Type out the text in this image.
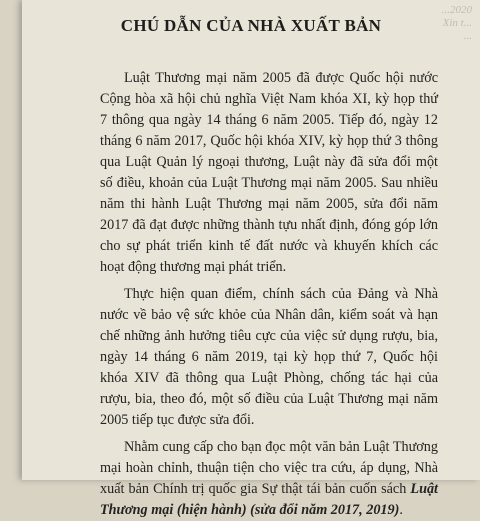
...2020
Xin t...
...
CHÚ DẪN CỦA NHÀ XUẤT BẢN

Luật Thương mại năm 2005 đã được Quốc hội nước Cộng hòa xã hội chủ nghĩa Việt Nam khóa XI, kỳ họp thứ 7 thông qua ngày 14 tháng 6 năm 2005. Tiếp đó, ngày 12 tháng 6 năm 2017, Quốc hội khóa XIV, kỳ họp thứ 3 thông qua Luật Quản lý ngoại thương, Luật này đã sửa đổi một số điều, khoản của Luật Thương mại năm 2005. Sau nhiều năm thi hành Luật Thương mại năm 2005, sửa đổi năm 2017 đã đạt được những thành tựu nhất định, đóng góp lớn cho sự phát triển kinh tế đất nước và khuyến khích các hoạt động thương mại phát triển.

Thực hiện quan điểm, chính sách của Đảng và Nhà nước về bảo vệ sức khỏe của Nhân dân, kiểm soát và hạn chế những ảnh hưởng tiêu cực của việc sử dụng rượu, bia, ngày 14 tháng 6 năm 2019, tại kỳ họp thứ 7, Quốc hội khóa XIV đã thông qua Luật Phòng, chống tác hại của rượu, bia, theo đó, một số điều của Luật Thương mại năm 2005 tiếp tục được sửa đổi.

Nhằm cung cấp cho bạn đọc một văn bản Luật Thương mại hoàn chỉnh, thuận tiện cho việc tra cứu, áp dụng, Nhà xuất bản Chính trị quốc gia Sự thật tái bản cuốn sách Luật Thương mại (hiện hành) (sửa đổi năm 2017, 2019).
